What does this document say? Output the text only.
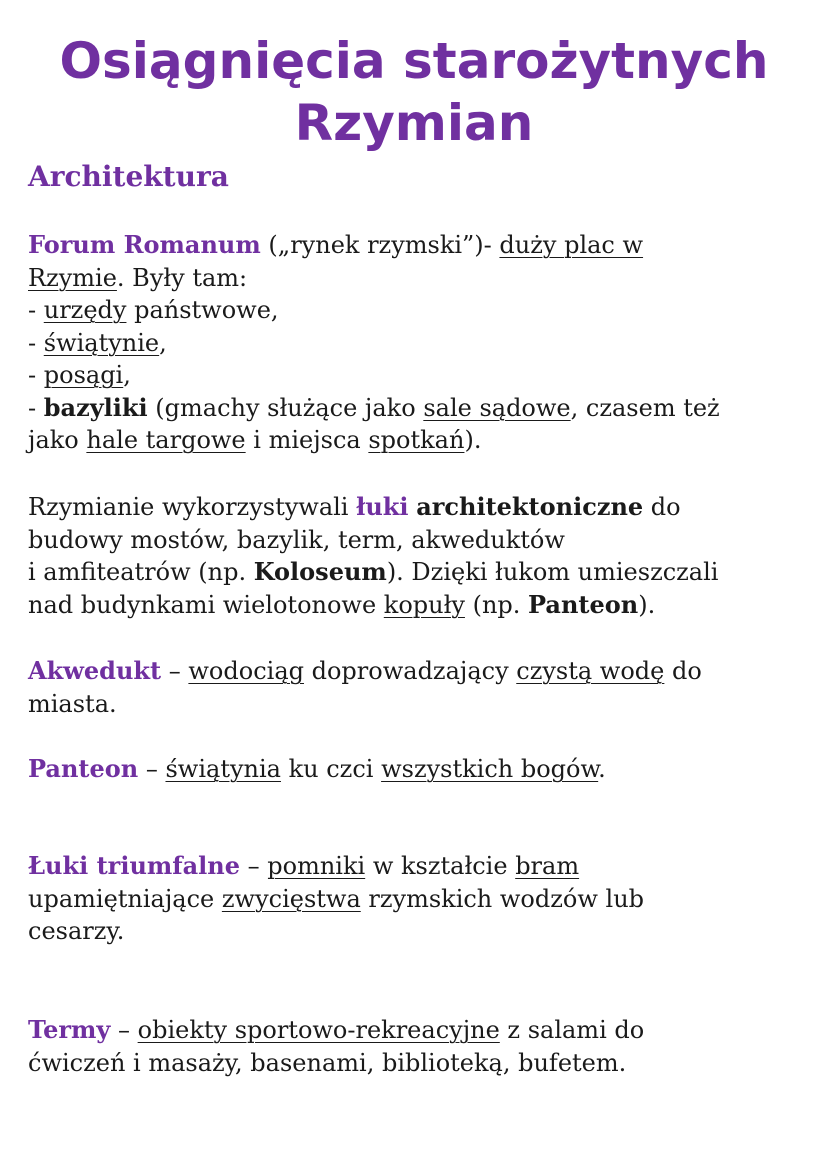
Osiągnięcia starożytnych
Rzymian
Architektura

Forum Romanum („rynek rzymski”)- duży plac w
Rzymie. Były tam:
- urzędy państwowe,
- świątynie,
- posągi,
- bazyliki (gmachy służące jako sale sądowe, czasem też
jako hale targowe i miejsca spotkań).

Rzymianie wykorzystywali łuki architektoniczne do
budowy mostów, bazylik, term, akweduktów
i amfiteatrów (np. Koloseum). Dzięki łukom umieszczali
nad budynkami wielotonowe kopuły (np. Panteon).

Akwedukt – wodociąg doprowadzający czystą wodę do
miasta.

Panteon – świątynia ku czci wszystkich bogów.

Łuki triumfalne – pomniki w kształcie bram
upamiętniające zwycięstwa rzymskich wodzów lub
cesarzy.

Termy – obiekty sportowo-rekreacyjne z salami do
ćwiczeń i masaży, basenami, biblioteką, bufetem.
